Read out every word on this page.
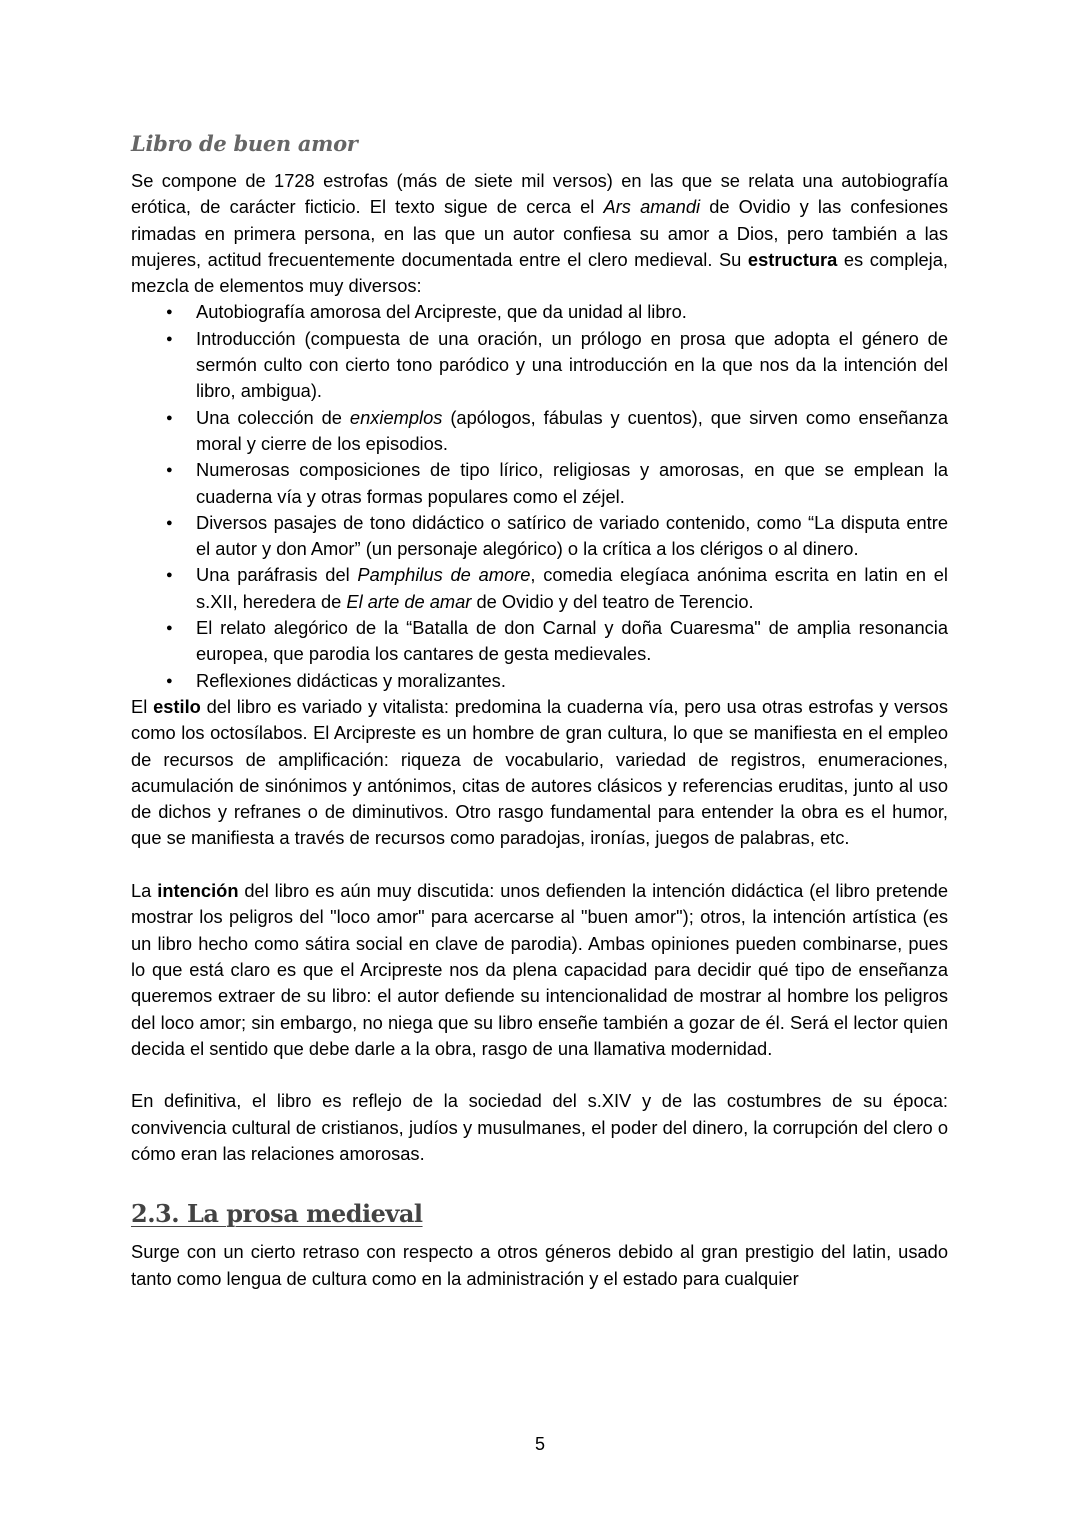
Libro de buen amor

Se compone de 1728 estrofas (más de siete mil versos) en las que se relata una autobiografía erótica, de carácter ficticio. El texto sigue de cerca el Ars amandi de Ovidio y las confesiones rimadas en primera persona, en las que un autor confiesa su amor a Dios, pero también a las mujeres, actitud frecuentemente documentada entre el clero medieval. Su estructura es compleja, mezcla de elementos muy diversos:

● Autobiografía amorosa del Arcipreste, que da unidad al libro.
● Introducción (compuesta de una oración, un prólogo en prosa que adopta el género de sermón culto con cierto tono paródico y una introducción en la que nos da la intención del libro, ambigua).
● Una colección de enxiemplos (apólogos, fábulas y cuentos), que sirven como enseñanza moral y cierre de los episodios.
● Numerosas composiciones de tipo lírico, religiosas y amorosas, en que se emplean la cuaderna vía y otras formas populares como el zéjel.
● Diversos pasajes de tono didáctico o satírico de variado contenido, como “La disputa entre el autor y don Amor” (un personaje alegórico) o la crítica a los clérigos o al dinero.
● Una paráfrasis del Pamphilus de amore, comedia elegíaca anónima escrita en latin en el s.XII, heredera de El arte de amar de Ovidio y del teatro de Terencio.
● El relato alegórico de la “Batalla de don Carnal y doña Cuaresma" de amplia resonancia europea, que parodia los cantares de gesta medievales.
● Reflexiones didácticas y moralizantes.

El estilo del libro es variado y vitalista: predomina la cuaderna vía, pero usa otras estrofas y versos como los octosílabos. El Arcipreste es un hombre de gran cultura, lo que se manifiesta en el empleo de recursos de amplificación: riqueza de vocabulario, variedad de registros, enumeraciones, acumulación de sinónimos y antónimos, citas de autores clásicos y referencias eruditas, junto al uso de dichos y refranes o de diminutivos. Otro rasgo fundamental para entender la obra es el humor, que se manifiesta a través de recursos como paradojas, ironías, juegos de palabras, etc.

La intención del libro es aún muy discutida: unos defienden la intención didáctica (el libro pretende mostrar los peligros del "loco amor" para acercarse al "buen amor"); otros, la intención artística (es un libro hecho como sátira social en clave de parodia). Ambas opiniones pueden combinarse, pues lo que está claro es que el Arcipreste nos da plena capacidad para decidir qué tipo de enseñanza queremos extraer de su libro: el autor defiende su intencionalidad de mostrar al hombre los peligros del loco amor; sin embargo, no niega que su libro enseñe también a gozar de él. Será el lector quien decida el sentido que debe darle a la obra, rasgo de una llamativa modernidad.

En definitiva, el libro es reflejo de la sociedad del s.XIV y de las costumbres de su época: convivencia cultural de cristianos, judíos y musulmanes, el poder del dinero, la corrupción del clero o cómo eran las relaciones amorosas.

2.3. La prosa medieval

Surge con un cierto retraso con respecto a otros géneros debido al gran prestigio del latin, usado tanto como lengua de cultura como en la administración y el estado para cualquier

5
